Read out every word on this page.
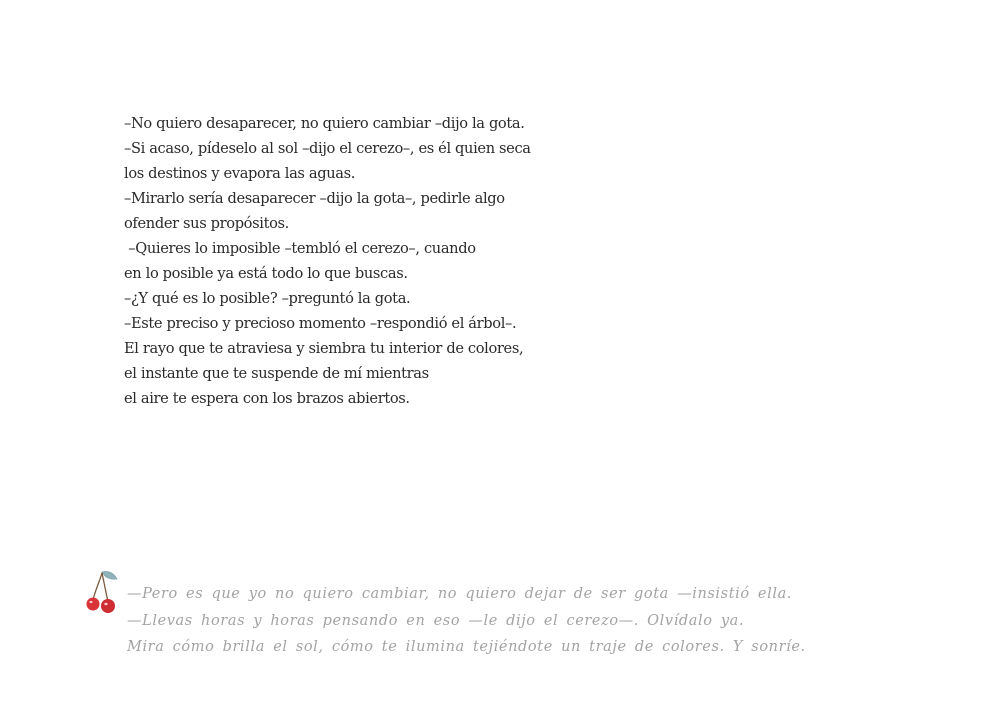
–No quiero desaparecer, no quiero cambiar –dijo la gota.
–Si acaso, pídeselo al sol –dijo el cerezo–, es él quien seca
los destinos y evapora las aguas.
–Mirarlo sería desaparecer –dijo la gota–, pedirle algo
ofender sus propósitos.
–Quieres lo imposible –tembló el cerezo–, cuando
en lo posible ya está todo lo que buscas.
–¿Y qué es lo posible? –preguntó la gota.
–Este preciso y precioso momento –respondió el árbol–.
El rayo que te atraviesa y siembra tu interior de colores,
el instante que te suspende de mí mientras
el aire te espera con los brazos abiertos.
—Pero es que yo no quiero cambiar, no quiero dejar de ser gota —insistió ella.
—Llevas horas y horas pensando en eso —le dijo el cerezo—. Olvídalo ya.
Mira cómo brilla el sol, cómo te ilumina tejiéndote un traje de colores. Y sonríe.
